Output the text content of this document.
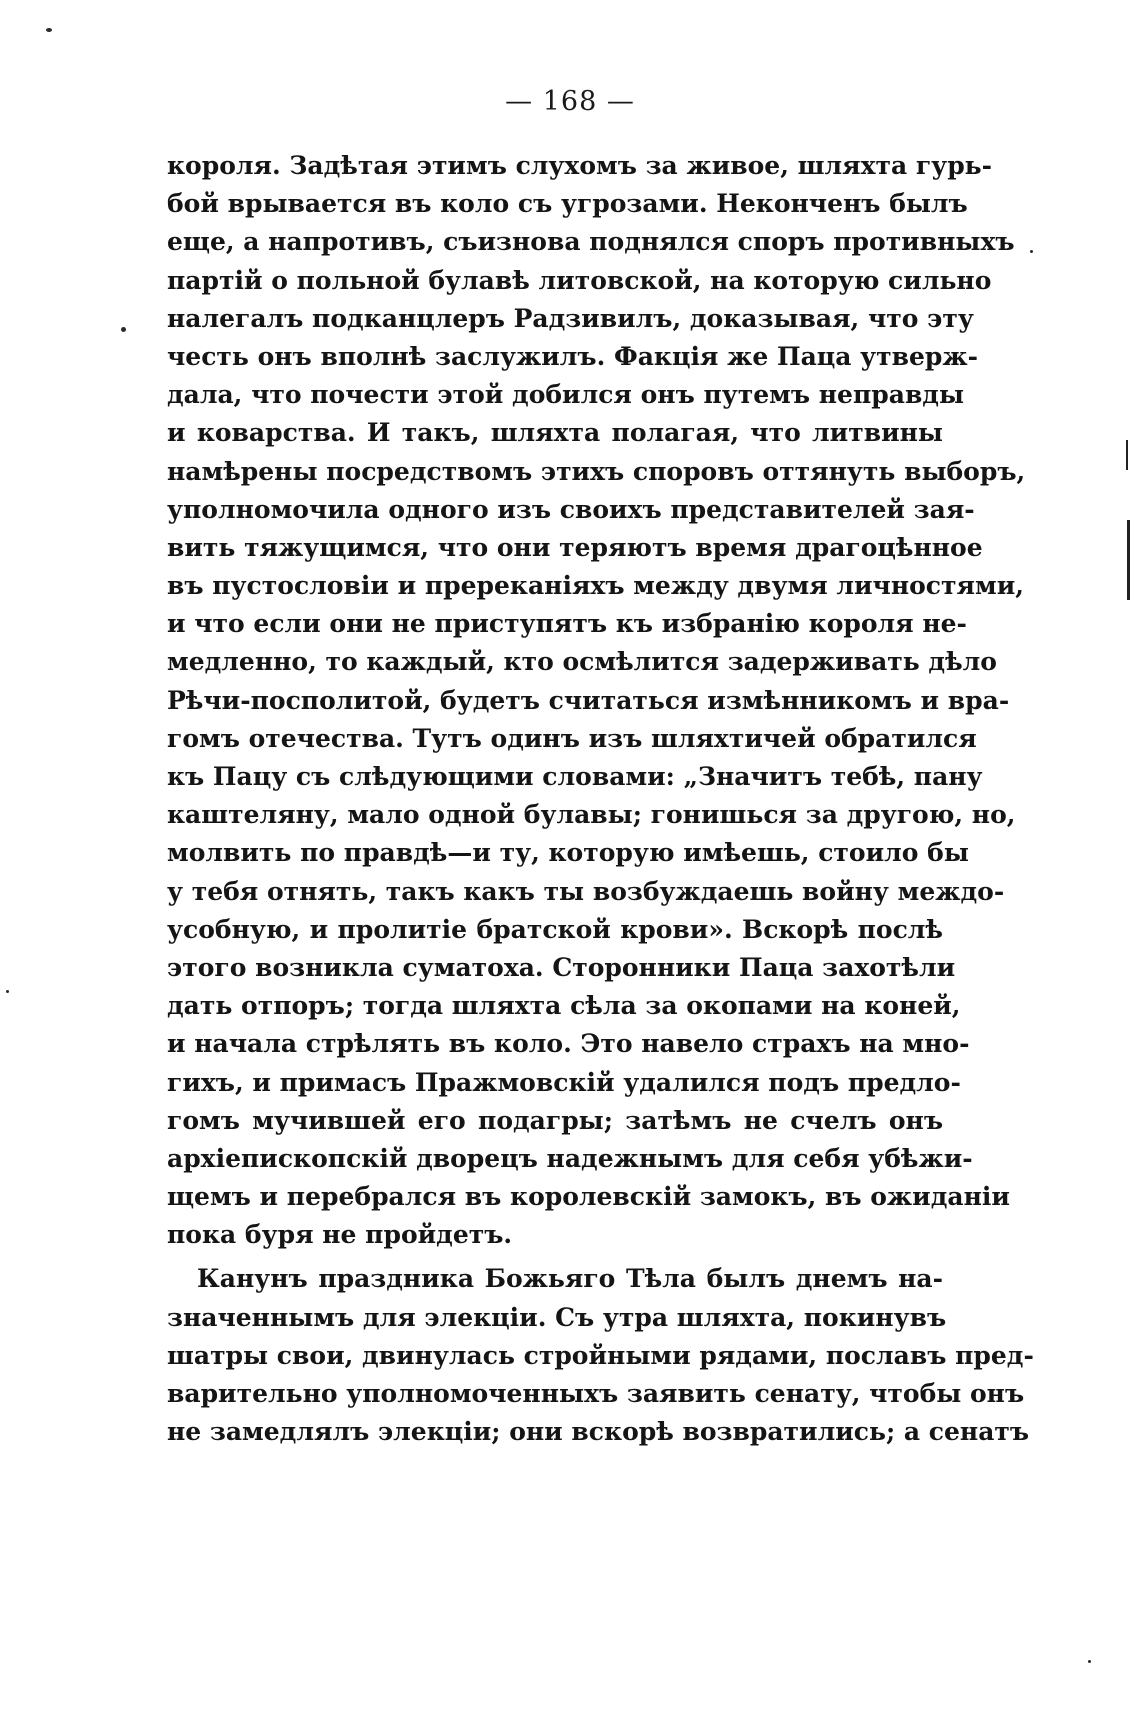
— 168 —
короля. Задѣтая этимъ слухомъ за живое, шляхта гурь-
бой врывается въ коло съ угрозами. Неконченъ былъ
еще, а напротивъ, съизнова поднялся споръ противныхъ
партій о польной булавѣ литовской, на которую сильно
налегалъ подканцлеръ Радзивилъ, доказывая, что эту
честь онъ вполнѣ заслужилъ. Факція же Паца утверж-
дала, что почести этой добился онъ путемъ неправды
и коварства. И такъ, шляхта полагая, что литвины
намѣрены посредствомъ этихъ споровъ оттянуть выборъ,
уполномочила одного изъ своихъ представителей зая-
вить тяжущимся, что они теряютъ время драгоцѣнное
въ пустословіи и пререканіяхъ между двумя личностями,
и что если они не приступятъ къ избранію короля не-
медленно, то каждый, кто осмѣлится задерживать дѣло
Рѣчи-посполитой, будетъ считаться измѣнникомъ и вра-
гомъ отечества. Тутъ одинъ изъ шляхтичей обратился
къ Пацу съ слѣдующими словами: „Значитъ тебѣ, пану
каштеляну, мало одной булавы; гонишься за другою, но,
молвить по правдѣ—и ту, которую имѣешь, стоило бы
у тебя отнять, такъ какъ ты возбуждаешь войну междо-
усобную, и пролитіе братской крови». Вскорѣ послѣ
этого возникла суматоха. Сторонники Паца захотѣли
дать отпоръ; тогда шляхта сѣла за окопами на коней,
и начала стрѣлять въ коло. Это навело страхъ на мно-
гихъ, и примасъ Пражмовскій удалился подъ предло-
гомъ мучившей его подагры; затѣмъ не счелъ онъ
архіепископскій дворецъ надежнымъ для себя убѣжи-
щемъ и перебрался въ королевскій замокъ, въ ожиданіи
пока буря не пройдетъ.
Канунъ праздника Божьяго Тѣла былъ днемъ на-
значеннымъ для элекціи. Съ утра шляхта, покинувъ
шатры свои, двинулась стройными рядами, пославъ пред-
варительно уполномоченныхъ заявить сенату, чтобы онъ
не замедлялъ элекціи; они вскорѣ возвратились; а сенатъ
